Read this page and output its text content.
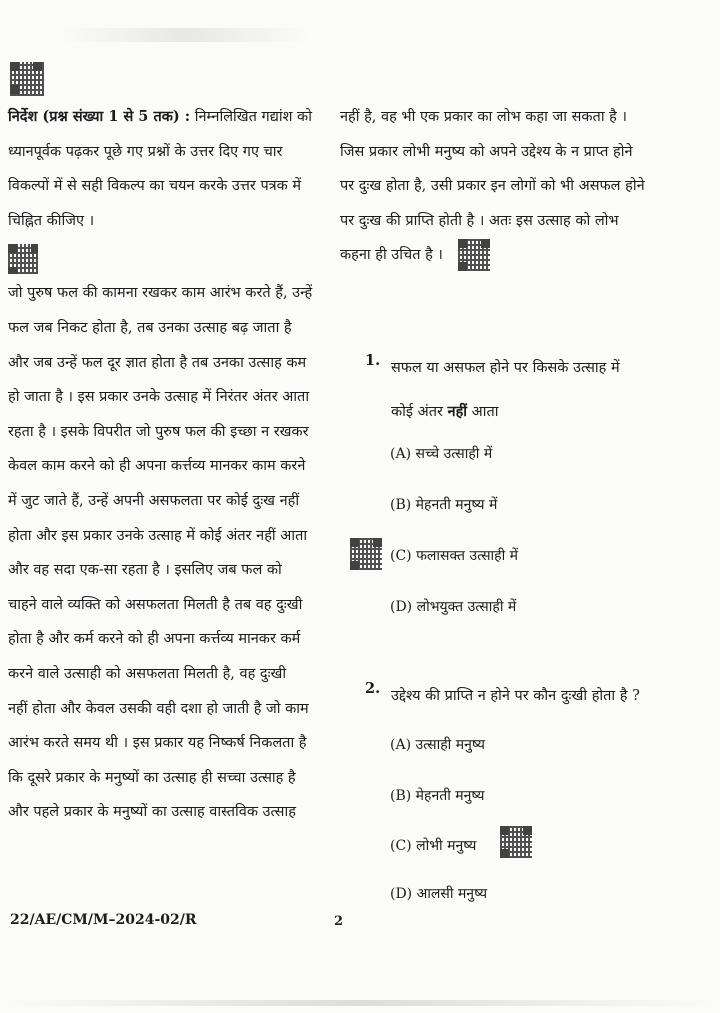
निर्देश (प्रश्न संख्या 1 से 5 तक) : निम्नलिखित गद्यांश को
ध्यानपूर्वक पढ़कर पूछे गए प्रश्नों के उत्तर दिए गए चार
विकल्पों में से सही विकल्प का चयन करके उत्तर पत्रक में
चिह्नित कीजिए ।

जो पुरुष फल की कामना रखकर काम आरंभ करते हैं, उन्हें
फल जब निकट होता है, तब उनका उत्साह बढ़ जाता है
और जब उन्हें फल दूर ज्ञात होता है तब उनका उत्साह कम
हो जाता है । इस प्रकार उनके उत्साह में निरंतर अंतर आता
रहता है । इसके विपरीत जो पुरुष फल की इच्छा न रखकर
केवल काम करने को ही अपना कर्त्तव्य मानकर काम करने
में जुट जाते हैं, उन्हें अपनी असफलता पर कोई दुःख नहीं
होता और इस प्रकार उनके उत्साह में कोई अंतर नहीं आता
और वह सदा एक-सा रहता है । इसलिए जब फल को
चाहने वाले व्यक्ति को असफलता मिलती है तब वह दुःखी
होता है और कर्म करने को ही अपना कर्त्तव्य मानकर कर्म
करने वाले उत्साही को असफलता मिलती है, वह दुःखी
नहीं होता और केवल उसकी वही दशा हो जाती है जो काम
आरंभ करते समय थी । इस प्रकार यह निष्कर्ष निकलता है
कि दूसरे प्रकार के मनुष्यों का उत्साह ही सच्चा उत्साह है
और पहले प्रकार के मनुष्यों का उत्साह वास्तविक उत्साह

नहीं है, वह भी एक प्रकार का लोभ कहा जा सकता है ।
जिस प्रकार लोभी मनुष्य को अपने उद्देश्य के न प्राप्त होने
पर दुःख होता है, उसी प्रकार इन लोगों को भी असफल होने
पर दुःख की प्राप्ति होती है । अतः इस उत्साह को लोभ
कहना ही उचित है ।

1. सफल या असफल होने पर किसके उत्साह में
कोई अंतर नहीं आता
(A) सच्चे उत्साही में
(B) मेहनती मनुष्य में
(C) फलासक्त उत्साही में
(D) लोभयुक्त उत्साही में
2. उद्देश्य की प्राप्ति न होने पर कौन दुःखी होता है ?
(A) उत्साही मनुष्य
(B) मेहनती मनुष्य
(C) लोभी मनुष्य
(D) आलसी मनुष्य
22/AE/CM/M–2024-02/R	2
